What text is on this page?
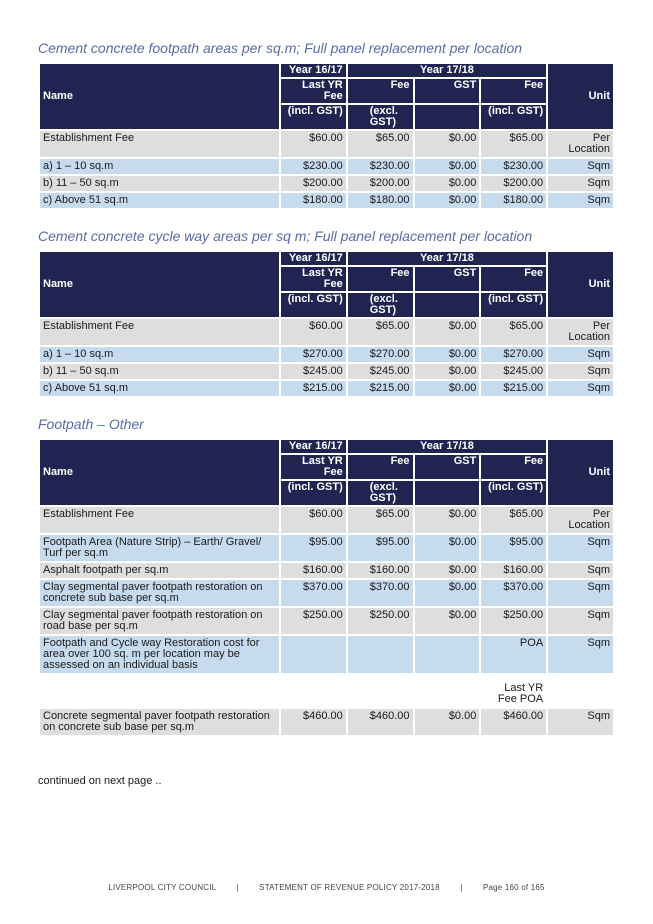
Cement concrete footpath areas per sq.m; Full panel replacement per location
Name	Year 16/17	Year 17/18			Unit
	Last YR Fee	Fee	GST	Fee	
	(incl. GST)	(excl. GST)		(incl. GST)	

Establishment Fee	$60.00	$65.00	$0.00	$65.00	Per Location
a) 1 – 10 sq.m	$230.00	$230.00	$0.00	$230.00	Sqm
b) 11 – 50 sq.m	$200.00	$200.00	$0.00	$200.00	Sqm
c) Above 51 sq.m	$180.00	$180.00	$0.00	$180.00	Sqm
Cement concrete cycle way areas per sq m; Full panel replacement per location
Name	Year 16/17	Year 17/18			Unit
	Last YR Fee	Fee	GST	Fee	
	(incl. GST)	(excl. GST)		(incl. GST)	

Establishment Fee	$60.00	$65.00	$0.00	$65.00	Per Location
a) 1 – 10 sq.m	$270.00	$270.00	$0.00	$270.00	Sqm
b) 11 – 50 sq.m	$245.00	$245.00	$0.00	$245.00	Sqm
c) Above 51 sq.m	$215.00	$215.00	$0.00	$215.00	Sqm
Footpath – Other
Name	Year 16/17	Year 17/18			Unit
	Last YR Fee	Fee	GST	Fee	
	(incl. GST)	(excl. GST)		(incl. GST)	

Establishment Fee	$60.00	$65.00	$0.00	$65.00	Per Location
Footpath Area (Nature Strip) – Earth/ Gravel/ Turf per sq.m	$95.00	$95.00	$0.00	$95.00	Sqm
Asphalt footpath per sq.m	$160.00	$160.00	$0.00	$160.00	Sqm
Clay segmental paver footpath restoration on concrete sub base per sq.m	$370.00	$370.00	$0.00	$370.00	Sqm
Clay segmental paver footpath restoration on road base per sq.m	$250.00	$250.00	$0.00	$250.00	Sqm
Footpath and Cycle way Restoration cost for area over 100 sq. m per location may be assessed on an individual basis				POA	Sqm
				Last YR Fee POA	
Concrete segmental paver footpath restoration on concrete sub base per sq.m	$460.00	$460.00	$0.00	$460.00	Sqm
continued on next page ..
LIVERPOOL CITY COUNCIL	|	STATEMENT OF REVENUE POLICY 2017-2018	|	Page 160 of 165
